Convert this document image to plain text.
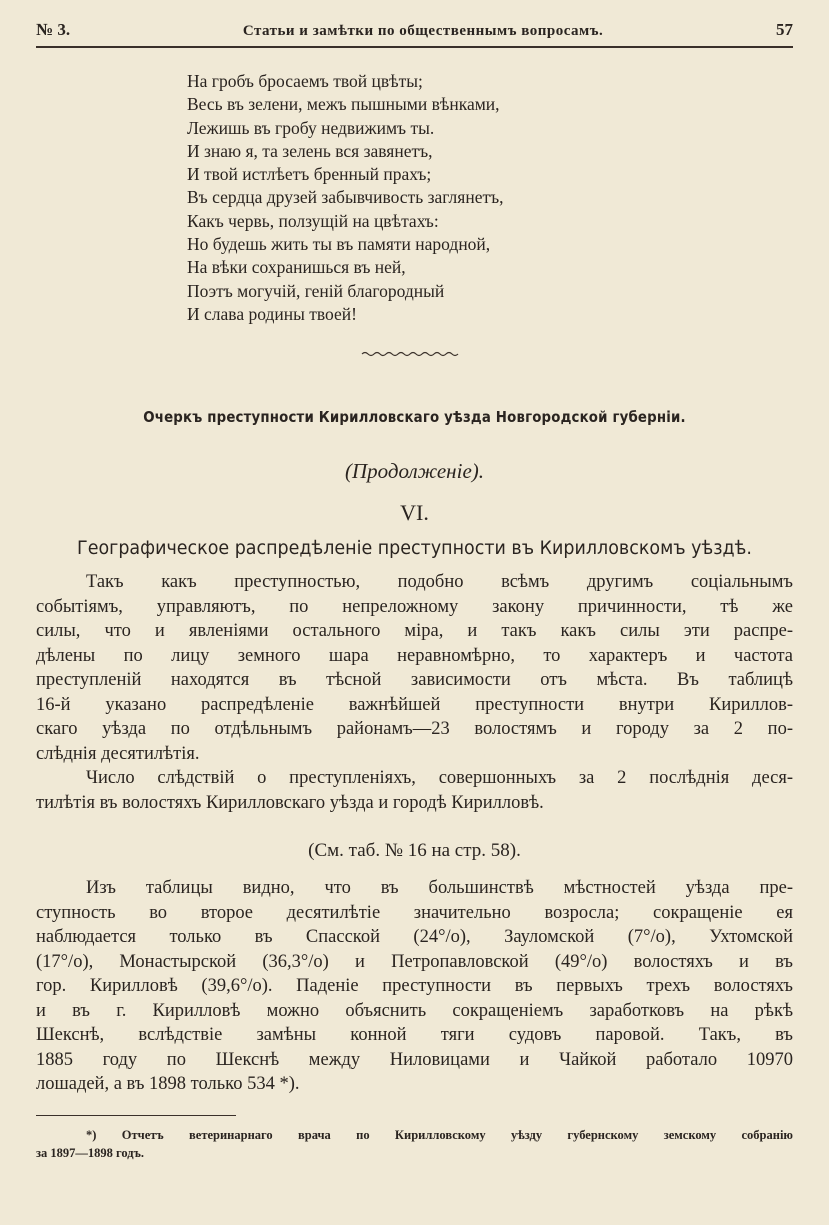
№ 3.	Статьи и замѣтки по общественнымъ вопросамъ.	57
На гробъ бросаемъ твой цвѣты;
Весь въ зелени, межъ пышными вѣнками,
Лежишь въ гробу недвижимъ ты.
И знаю я, та зелень вся завянетъ,
И твой истлѣетъ бренный прахъ;
Въ сердца друзей забывчивость заглянетъ,
Какъ червь, ползущій на цвѣтахъ:
Но будешь жить ты въ памяти народной,
На вѣки сохранишься въ ней,
Поэтъ могучій, геній благородный
И слава родины твоей!
Очеркъ преступности Кирилловскаго уѣзда Новгородской губерніи.
(Продолженіе).
VI.
Географическое распредѣленіе преступности въ Кирилловскомъ уѣздѣ.
Такъ какъ преступностью, подобно всѣмъ другимъ соціальнымъ
событіямъ, управляютъ, по непреложному закону причинности, тѣ же
силы, что и явленіями остального міра, и такъ какъ силы эти распре-
дѣлены по лицу земного шара неравномѣрно, то характеръ и частота
преступленій находятся въ тѣсной зависимости отъ мѣста. Въ таблицѣ
16-й указано распредѣленіе важнѣйшей преступности внутри Кириллов-
скаго уѣзда по отдѣльнымъ районамъ—23 волостямъ и городу за 2 по-
слѣднія десятилѣтія.
Число слѣдствій о преступленіяхъ, совершонныхъ за 2 послѣднія деся-
тилѣтія въ волостяхъ Кирилловскаго уѣзда и городѣ Кирилловѣ.
(См. таб. № 16 на стр. 58).
Изъ таблицы видно, что въ большинствѣ мѣстностей уѣзда пре-
ступность во второе десятилѣтіе значительно возросла; сокращеніе ея
наблюдается только въ Спасской (24°/o), Зауломской (7°/o), Ухтомской
(17°/o), Монастырской (36,3°/o) и Петропавловской (49°/o) волостяхъ и въ
гор. Кирилловѣ (39,6°/o). Паденіе преступности въ первыхъ трехъ волостяхъ
и въ г. Кирилловѣ можно объяснить сокращеніемъ заработковъ на рѣкѣ
Шекснѣ, вслѣдствіе замѣны конной тяги судовъ паровой. Такъ, въ
1885 году по Шекснѣ между Ниловицами и Чайкой работало 10970
лошадей, а въ 1898 только 534 *).
*) Отчетъ ветеринарнаго врача по Кирилловскому уѣзду губернскому земскому собранію
за 1897—1898 годъ.
